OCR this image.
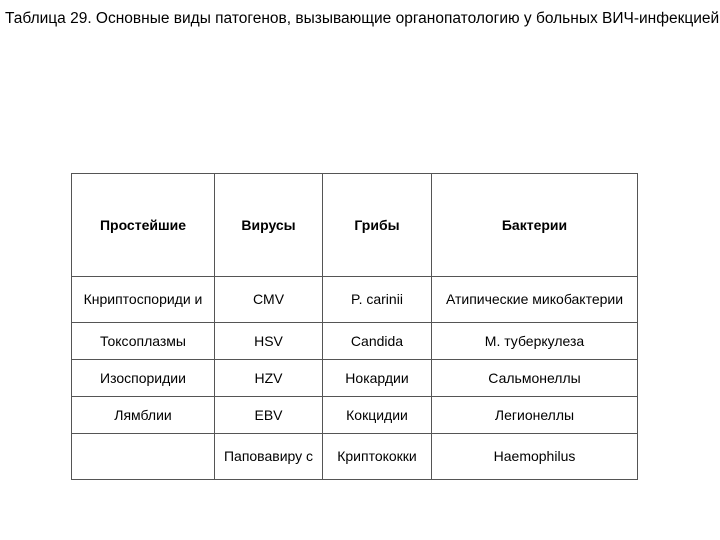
Таблица 29. Основные виды патогенов, вызывающие органопатологию у больных ВИЧ-инфекцией
Простейшие	Вирусы	Грибы	Бактерии
Кнриптоспориди и	CMV	P. carinii	Атипические микобактерии
Токсоплазмы	HSV	Candida	М. туберкулеза
Изоспоридии	HZV	Нокардии	Сальмонеллы
Лямблии	EBV	Кокцидии	Легионеллы
	Паповавиру с	Криптококки	Haemophilus
